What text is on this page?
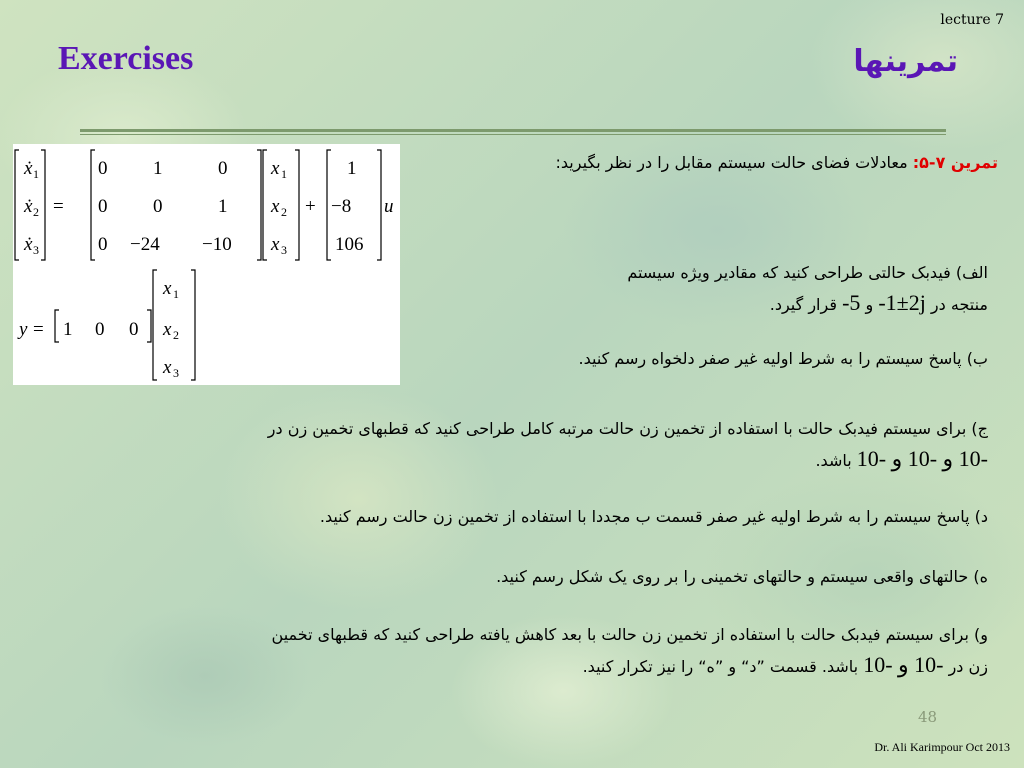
lecture 7
Exercises	تمرینها
ẋ 1
ẋ 2
ẋ 3
=
0 1	0
0 0	1
0 −24 −10
x 1
x 2
x 3
+
1
−8
106
u
y = 1 0 0
x 1
x 2
x 3
تمرین ۷-۵: معادلات فضای حالت سیستم مقابل را در نظر بگیرید:
الف) فیدبک حالتی طراحی کنید که مقادیر ویژه سیستم
منتجه در -1±2j و -5 قرار گیرد.
ب) پاسخ سیستم را به شرط اولیه غیر صفر دلخواه رسم کنید.
ج) برای سیستم فیدبک حالت با استفاده از تخمین زن حالت مرتبه کامل طراحی کنید که قطبهای تخمین زن در
-10 و -10 و -10 باشد.
د) پاسخ سیستم را به شرط اولیه غیر صفر قسمت ب مجددا با استفاده از تخمین زن حالت رسم کنید.
ه) حالتهای واقعی سیستم و حالتهای تخمینی را بر روی یک شکل رسم کنید.
و) برای سیستم فیدبک حالت با استفاده از تخمین زن حالت با بعد کاهش یافته طراحی کنید که قطبهای تخمین
زن در -10 و -10 باشد. قسمت ”د“ و ”ه“ را نیز تکرار کنید.
48
Dr. Ali Karimpour Oct 2013
